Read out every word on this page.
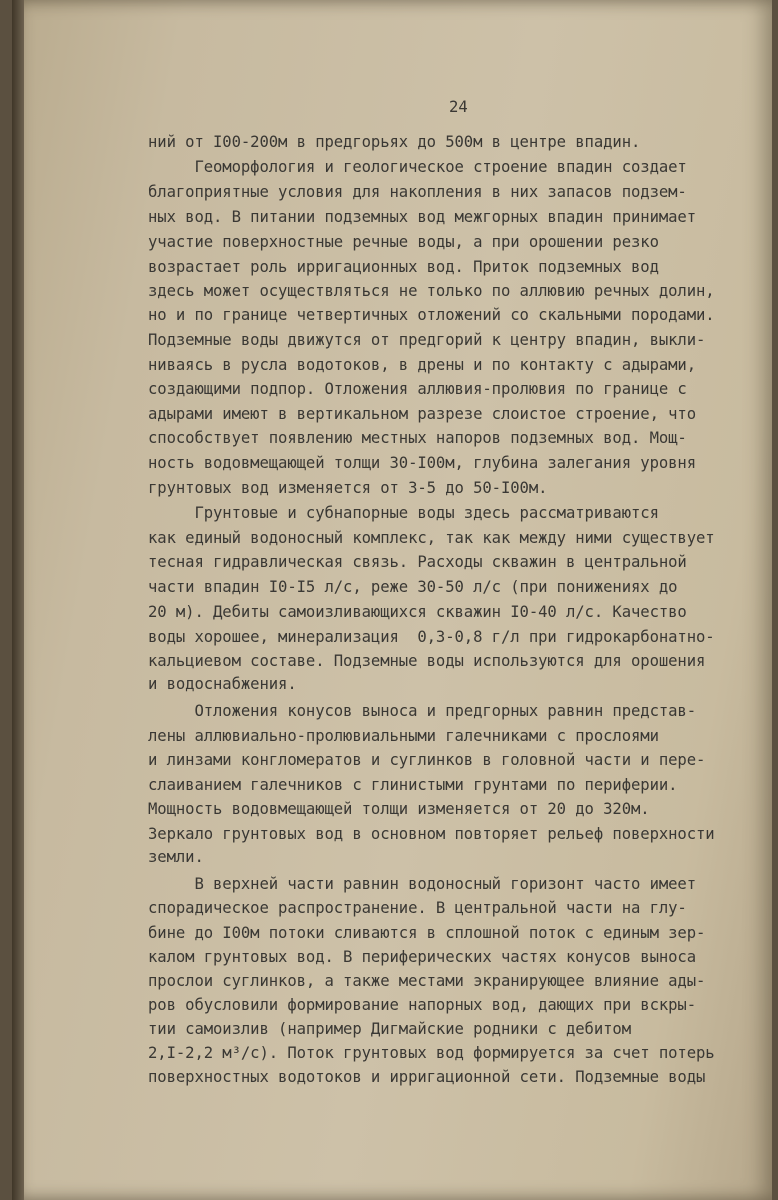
24
ний от I00-200м в предгорьях до 500м в центре впадин.
Геоморфология и геологическое строение впадин создает
благоприятные условия для накопления в них запасов подзем-
ных вод. В питании подземных вод межгорных впадин принимает
участие поверхностные речные воды, а при орошении резко
возрастает роль ирригационных вод. Приток подземных вод
здесь может осуществляться не только по аллювию речных долин,
но и по границе четвертичных отложений со скальными породами.
Подземные воды движутся от предгорий к центру впадин, выкли-
ниваясь в русла водотоков, в дрены и по контакту с адырами,
создающими подпор. Отложения аллювия-пролювия по границе с
адырами имеют в вертикальном разрезе слоистое строение, что
способствует появлению местных напоров подземных вод. Мощ-
ность водовмещающей толщи 30-I00м, глубина залегания уровня
грунтовых вод изменяется от 3-5 до 50-I00м.
Грунтовые и субнапорные воды здесь рассматриваются
как единый водоносный комплекс, так как между ними существует
тесная гидравлическая связь. Расходы скважин в центральной
части впадин I0-I5 л/с, реже 30-50 л/с (при понижениях до
20 м). Дебиты самоизливающихся скважин I0-40 л/с. Качество
воды хорошее, минерализация  0,3-0,8 г/л при гидрокарбонатно-
кальциевом составе. Подземные воды используются для орошения
и водоснабжения.
Отложения конусов выноса и предгорных равнин представ-
лены аллювиально-пролювиальными галечниками с прослоями
и линзами конгломератов и суглинков в головной части и пере-
слаиванием галечников с глинистыми грунтами по периферии.
Мощность водовмещающей толщи изменяется от 20 до 320м.
Зеркало грунтовых вод в основном повторяет рельеф поверхности
земли.
В верхней части равнин водоносный горизонт часто имеет
спорадическое распространение. В центральной части на глу-
бине до I00м потоки сливаются в сплошной поток с единым зер-
калом грунтовых вод. В периферических частях конусов выноса
прослои суглинков, а также местами экранирующее влияние ады-
ров обусловили формирование напорных вод, дающих при вскры-
тии самоизлив (например Дигмайские родники с дебитом
2,I-2,2 м³/с). Поток грунтовых вод формируется за счет потерь
поверхностных водотоков и ирригационной сети. Подземные воды
